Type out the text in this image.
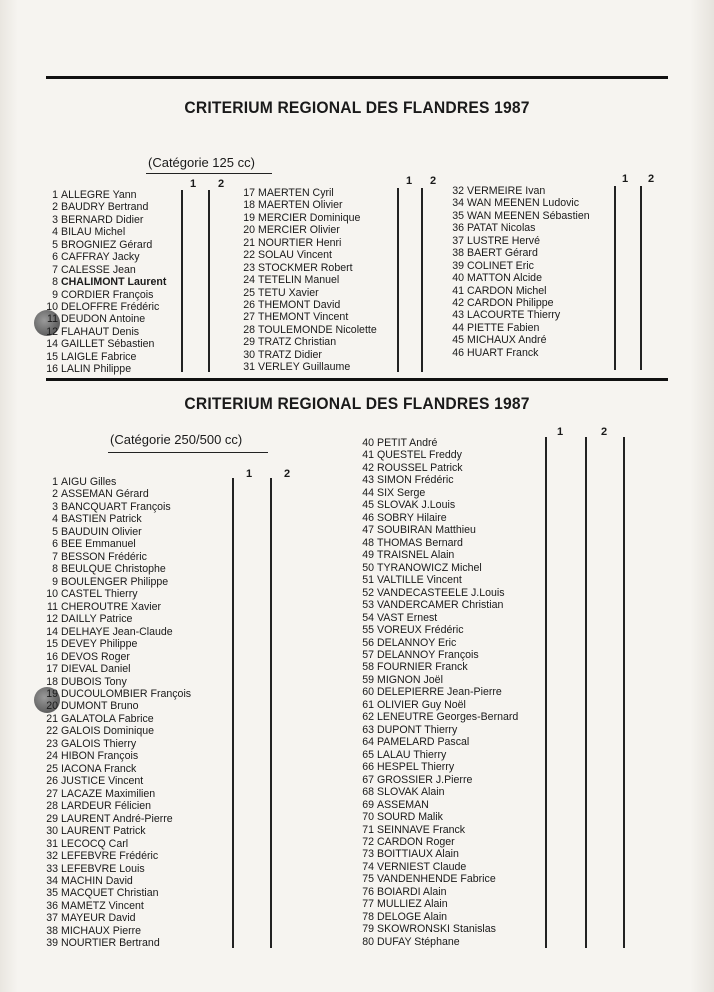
CRITERIUM REGIONAL DES FLANDRES 1987
(Catégorie 125 cc)
1 ALLEGRE Yann
2 BAUDRY Bertrand
3 BERNARD Didier
4 BILAU Michel
5 BROGNIEZ Gérard
6 CAFFRAY Jacky
7 CALESSE Jean
8 CHALIMONT Laurent
9 CORDIER François
10 DELOFFRE Frédéric
11 DEUDON Antoine
12 FLAHAUT Denis
14 GAILLET Sébastien
15 LAIGLE Fabrice
16 LALIN Philippe
17 MAERTEN Cyril
18 MAERTEN Olivier
19 MERCIER Dominique
20 MERCIER Olivier
21 NOURTIER Henri
22 SOLAU Vincent
23 STOCKMER Robert
24 TETELIN Manuel
25 TETU Xavier
26 THEMONT David
27 THEMONT Vincent
28 TOULEMONDE Nicolette
29 TRATZ Christian
30 TRATZ Didier
31 VERLEY Guillaume
32 VERMEIRE Ivan
34 WAN MEENEN Ludovic
35 WAN MEENEN Sébastien
36 PATAT Nicolas
37 LUSTRE Hervé
38 BAERT Gérard
39 COLINET Eric
40 MATTON Alcide
41 CARDON Michel
42 CARDON Philippe
43 LACOURTE Thierry
44 PIETTE Fabien
45 MICHAUX André
46 HUART Franck
1 2	1 2	1 2
CRITERIUM REGIONAL DES FLANDRES 1987
(Catégorie 250/500 cc)
1 AIGU Gilles
2 ASSEMAN Gérard
3 BANCQUART François
4 BASTIEN Patrick
5 BAUDUIN Olivier
6 BEE Emmanuel
7 BESSON Frédéric
8 BEULQUE Christophe
9 BOULENGER Philippe
10 CASTEL Thierry
11 CHEROUTRE Xavier
12 DAILLY Patrice
14 DELHAYE Jean-Claude
15 DEVEY Philippe
16 DEVOS Roger
17 DIEVAL Daniel
18 DUBOIS Tony
19 DUCOULOMBIER François
20 DUMONT Bruno
21 GALATOLA Fabrice
22 GALOIS Dominique
23 GALOIS Thierry
24 HIBON François
25 IACONA Franck
26 JUSTICE Vincent
27 LACAZE Maximilien
28 LARDEUR Félicien
29 LAURENT André-Pierre
30 LAURENT Patrick
31 LECOCQ Carl
32 LEFEBVRE Frédéric
33 LEFEBVRE Louis
34 MACHIN David
35 MACQUET Christian
36 MAMETZ Vincent
37 MAYEUR David
38 MICHAUX Pierre
39 NOURTIER Bertrand
40 PETIT André
41 QUESTEL Freddy
42 ROUSSEL Patrick
43 SIMON Frédéric
44 SIX Serge
45 SLOVAK J.Louis
46 SOBRY Hilaire
47 SOUBIRAN Matthieu
48 THOMAS Bernard
49 TRAISNEL Alain
50 TYRANOWICZ Michel
51 VALTILLE Vincent
52 VANDECASTEELE J.Louis
53 VANDERCAMER Christian
54 VAST Ernest
55 VOREUX Frédéric
56 DELANNOY Eric
57 DELANNOY François
58 FOURNIER Franck
59 MIGNON Joël
60 DELEPIERRE Jean-Pierre
61 OLIVIER Guy Noël
62 LENEUTRE Georges-Bernard
63 DUPONT Thierry
64 PAMELARD Pascal
65 LALAU Thierry
66 HESPEL Thierry
67 GROSSIER J.Pierre
68 SLOVAK Alain
69 ASSEMAN
70 SOURD Malik
71 SEINNAVE Franck
72 CARDON Roger
73 BOITTIAUX Alain
74 VERNIEST Claude
75 VANDENHENDE Fabrice
76 BOIARDI Alain
77 MULLIEZ Alain
78 DELOGE Alain
79 SKOWRONSKI Stanislas
80 DUFAY Stéphane
1	2
1	2
